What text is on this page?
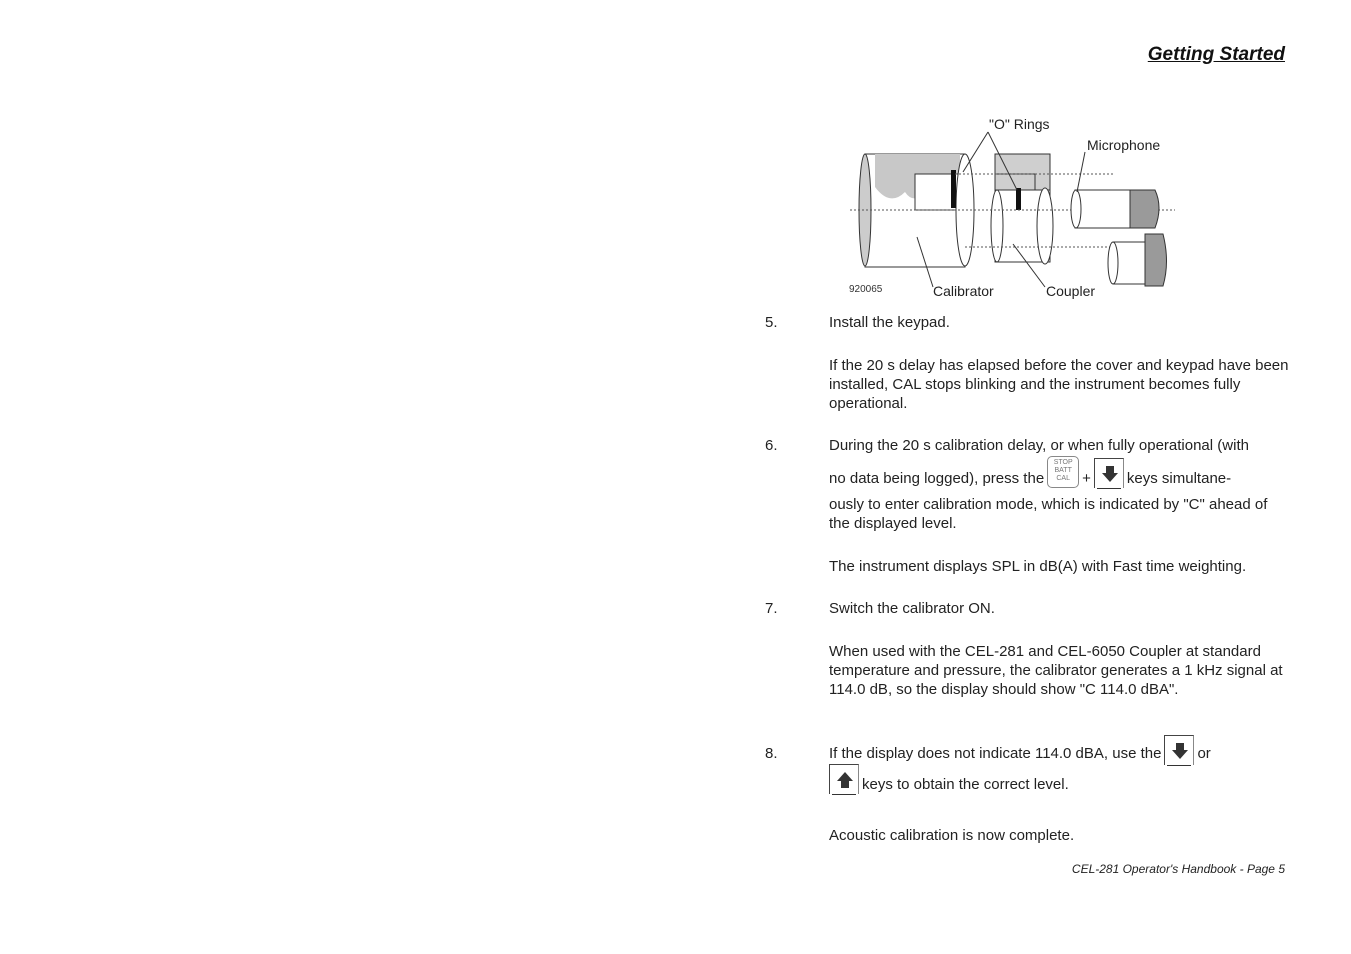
Getting Started
"O" Rings
Microphone
Calibrator	Coupler
920065
5.	Install the keypad.
If the 20 s delay has elapsed before the cover and keypad have been installed, CAL stops blinking and the instrument becomes fully operational.
6.	During the 20 s calibration delay, or when fully operational (with
no data being logged), press theSTOP
BATT
CAL + keys simultane-
ously to enter calibration mode, which is indicated by "C" ahead of the displayed level.
The instrument displays SPL in dB(A) with Fast time weighting.
7.	Switch the calibrator ON.
When used with the CEL-281 and CEL-6050 Coupler at standard temperature and pressure, the calibrator generates a 1 kHz signal at 114.0 dB, so the display should show "C 114.0 dBA".
8.	If the display does not indicate 114.0 dBA, use the or
keys to obtain the correct level.
Acoustic calibration is now complete.
CEL-281 Operator's Handbook - Page 5
